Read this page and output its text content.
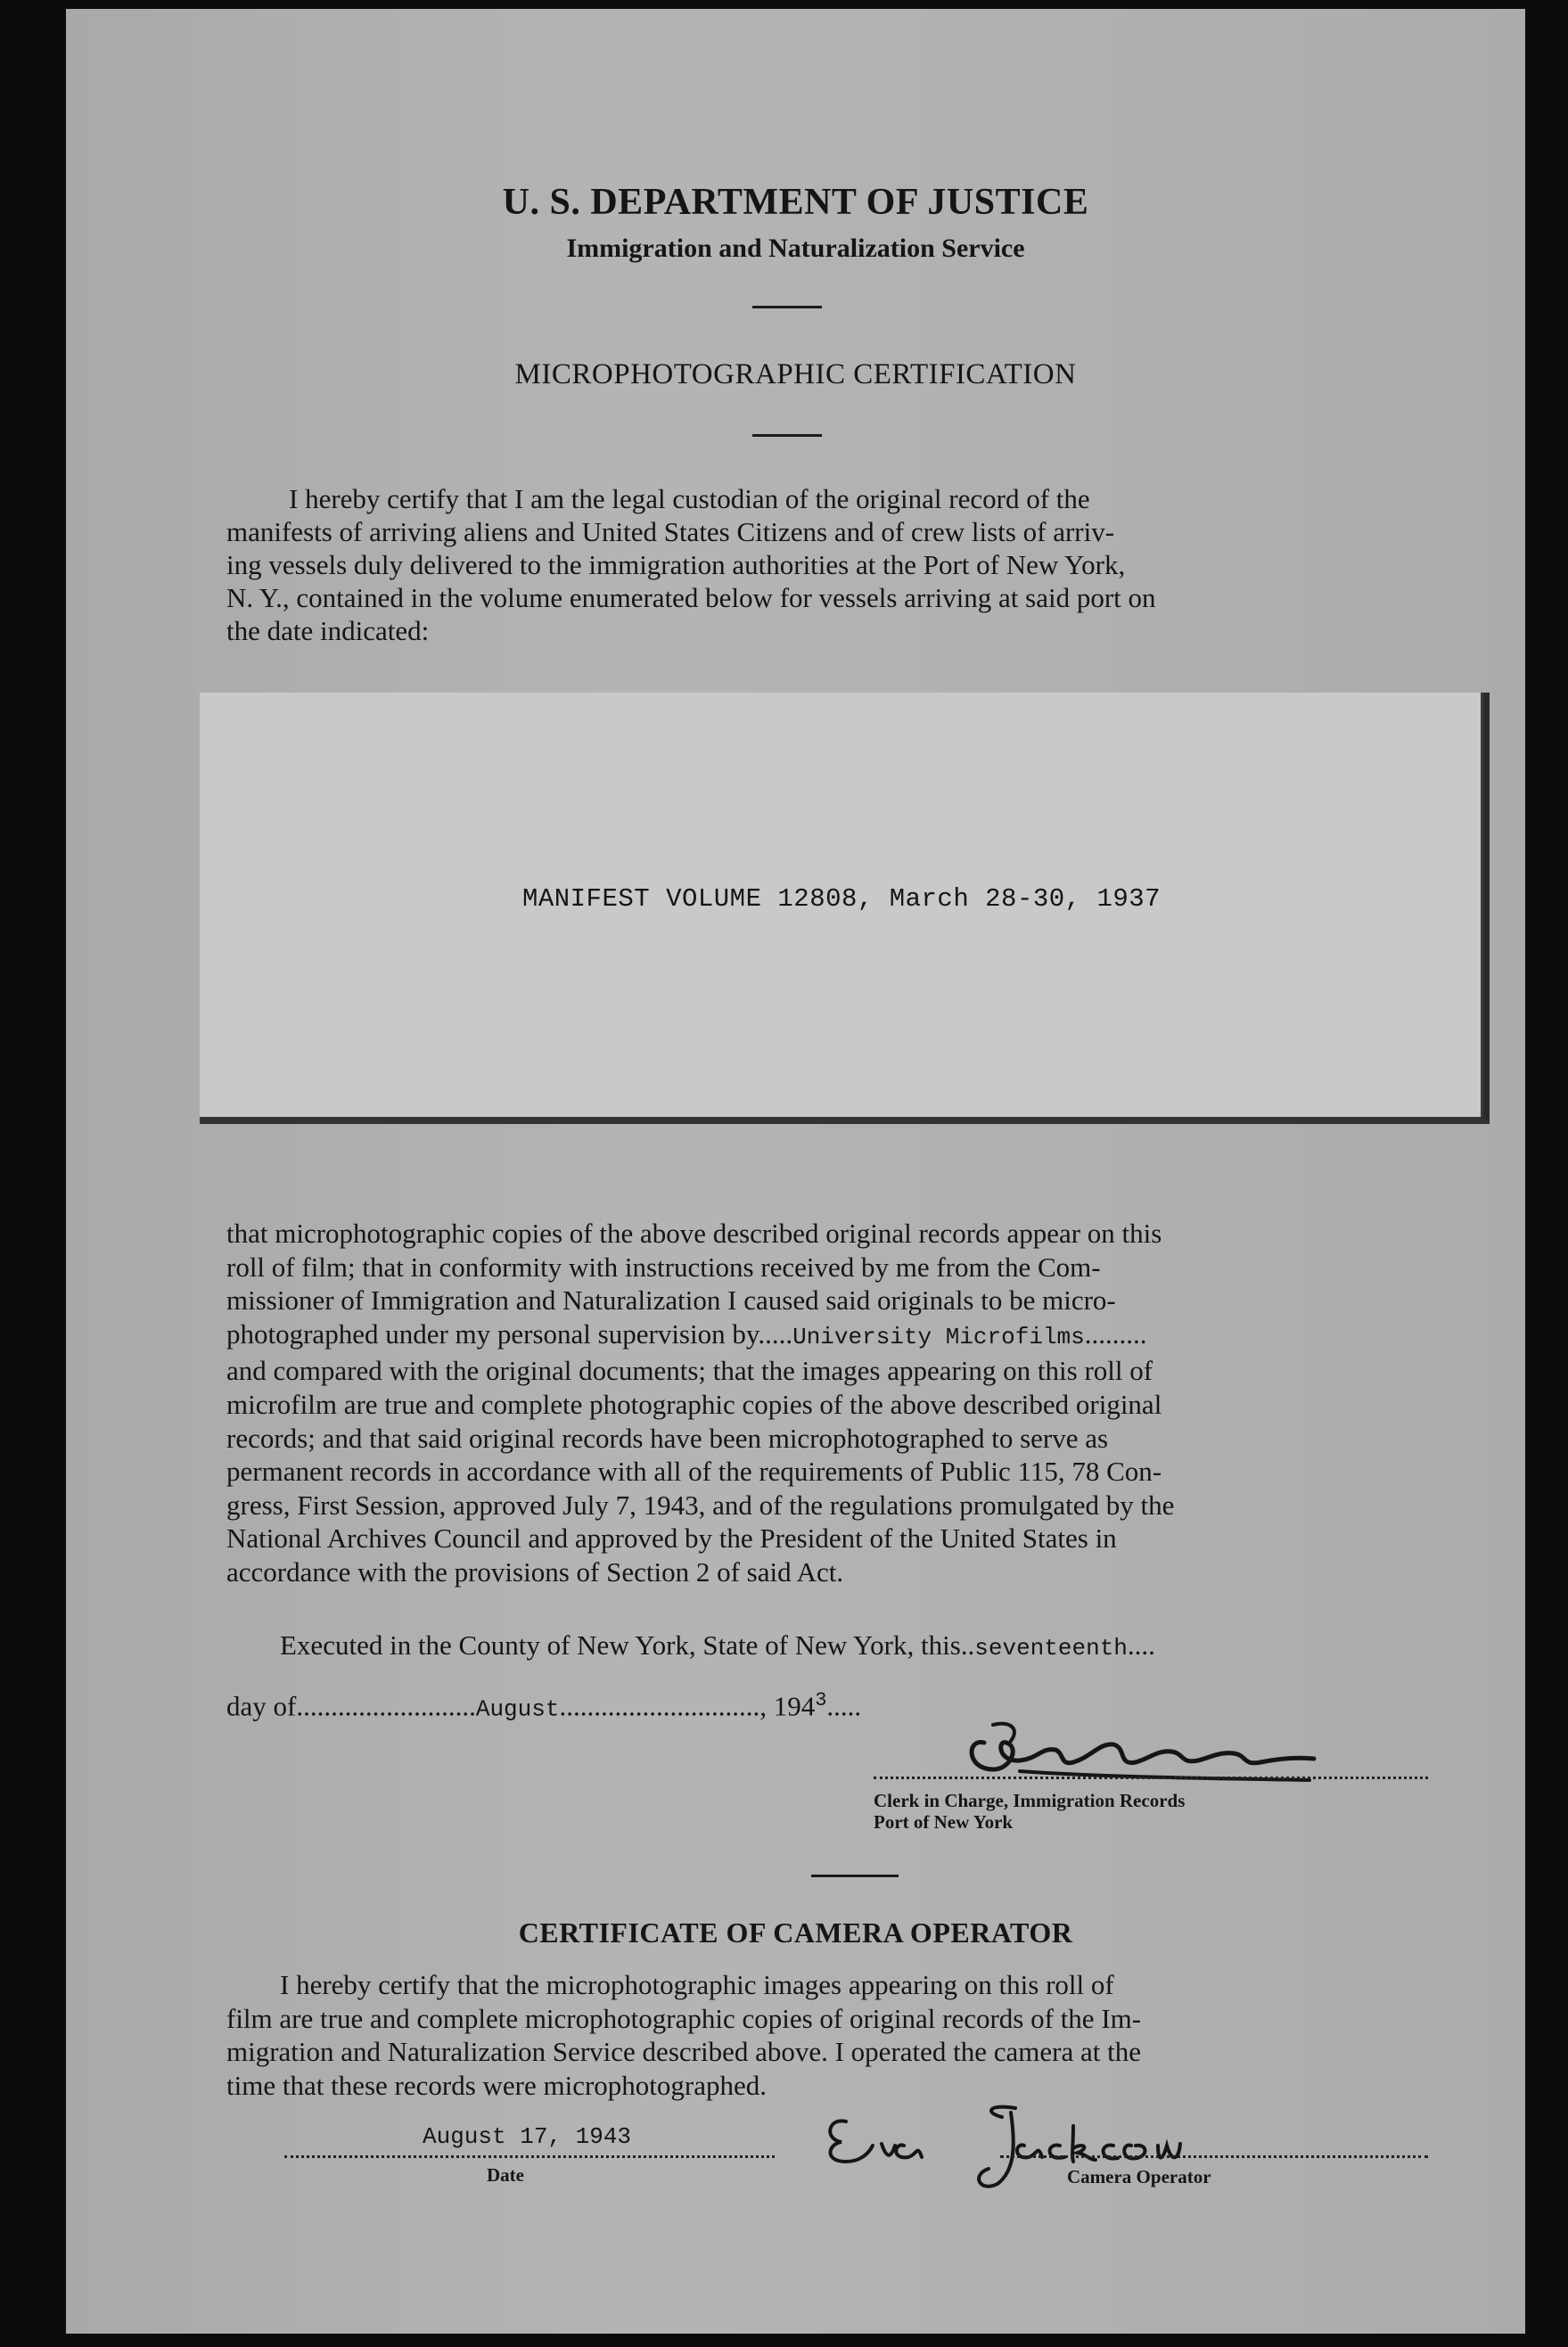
U. S. DEPARTMENT OF JUSTICE
Immigration and Naturalization Service
MICROPHOTOGRAPHIC CERTIFICATION
I hereby certify that I am the legal custodian of the original record of the
manifests of arriving aliens and United States Citizens and of crew lists of arriv-
ing vessels duly delivered to the immigration authorities at the Port of New York,
N. Y., contained in the volume enumerated below for vessels arriving at said port on
the date indicated:
MANIFEST VOLUME 12808, March 28-30, 1937
that microphotographic copies of the above described original records appear on this
roll of film; that in conformity with instructions received by me from the Com-
missioner of Immigration and Naturalization I caused said originals to be micro-
photographed under my personal supervision by.....University Microfilms.........
and compared with the original documents; that the images appearing on this roll of
microfilm are true and complete photographic copies of the above described original
records; and that said original records have been microphotographed to serve as
permanent records in accordance with all of the requirements of Public 115, 78 Con-
gress, First Session, approved July 7, 1943, and of the regulations promulgated by the
National Archives Council and approved by the President of the United States in
accordance with the provisions of Section 2 of said Act.
Executed in the County of New York, State of New York, this..seventeenth....
day of..........................August............................., $194^3$.....
Clerk in Charge, Immigration Records
Port of New York
CERTIFICATE OF CAMERA OPERATOR
I hereby certify that the microphotographic images appearing on this roll of
film are true and complete microphotographic copies of original records of the Im-
migration and Naturalization Service described above. I operated the camera at the
time that these records were microphotographed.
August 17, 1943
Date	Camera Operator
